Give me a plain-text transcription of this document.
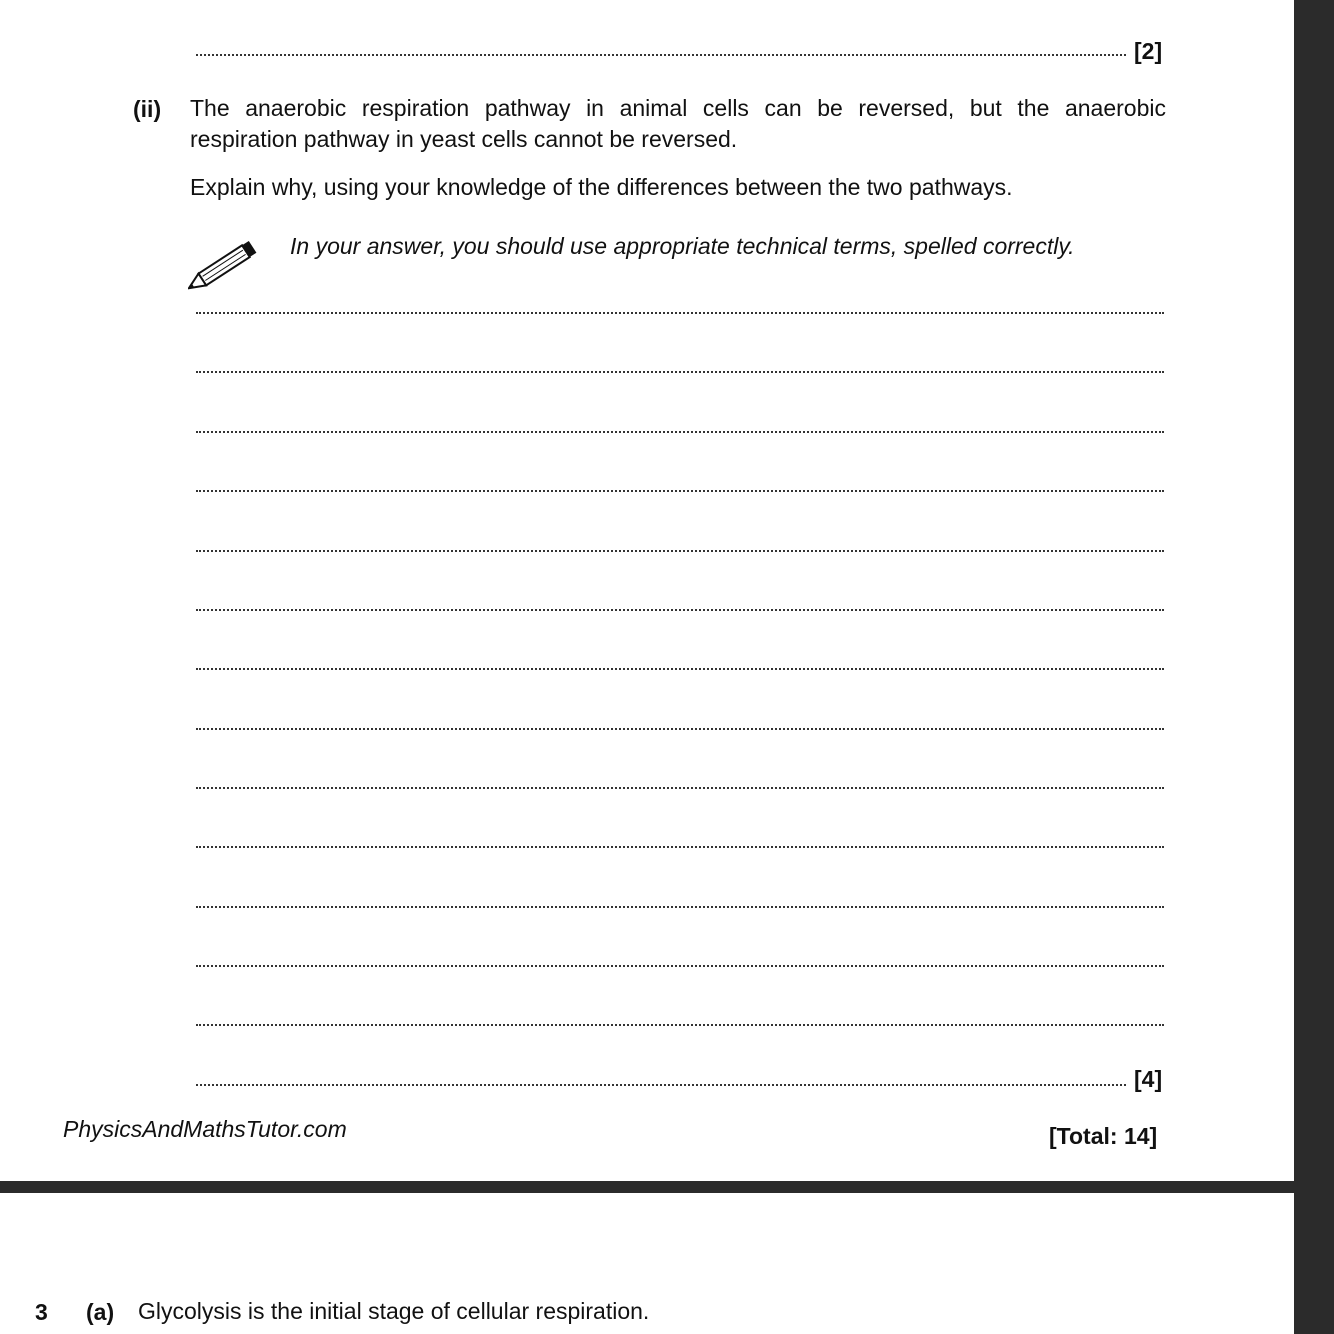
[2]
(ii) The anaerobic respiration pathway in animal cells can be reversed, but the anaerobic respiration pathway in yeast cells cannot be reversed.
Explain why, using your knowledge of the differences between the two pathways.
In your answer, you should use appropriate technical terms, spelled correctly.
[4]
PhysicsAndMathsTutor.com	[Total: 14]
3 (a) Glycolysis is the initial stage of cellular respiration.
